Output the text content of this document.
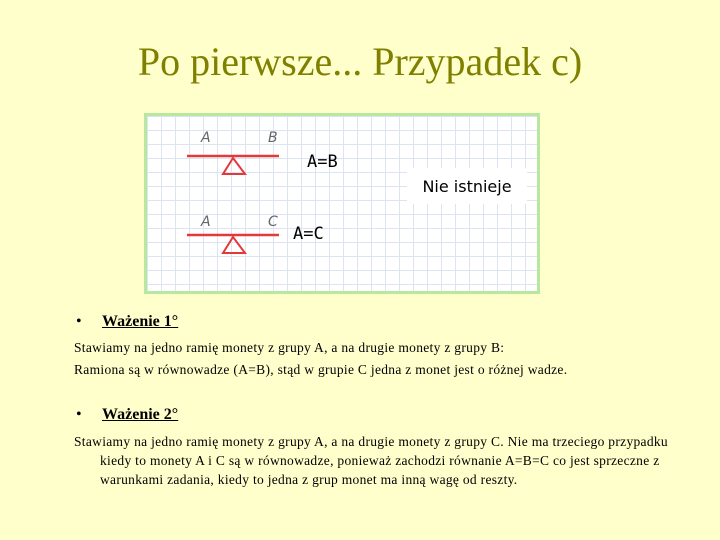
Po pierwsze... Przypadek c)
A	B
A=B
A	C
A=C
Nie istnieje
• Ważenie 1°
Stawiamy na jedno ramię monety z grupy A, a na drugie monety z grupy B:
Ramiona są w równowadze (A=B), stąd w grupie C jedna z monet jest o różnej wadze.
• Ważenie 2°
Stawiamy na jedno ramię monety z grupy A, a na drugie monety z grupy C. Nie ma trzeciego przypadku kiedy to monety A i C są w równowadze, ponieważ zachodzi równanie A=B=C co jest sprzeczne z warunkami zadania, kiedy to jedna z grup monet ma inną wagę od reszty.
